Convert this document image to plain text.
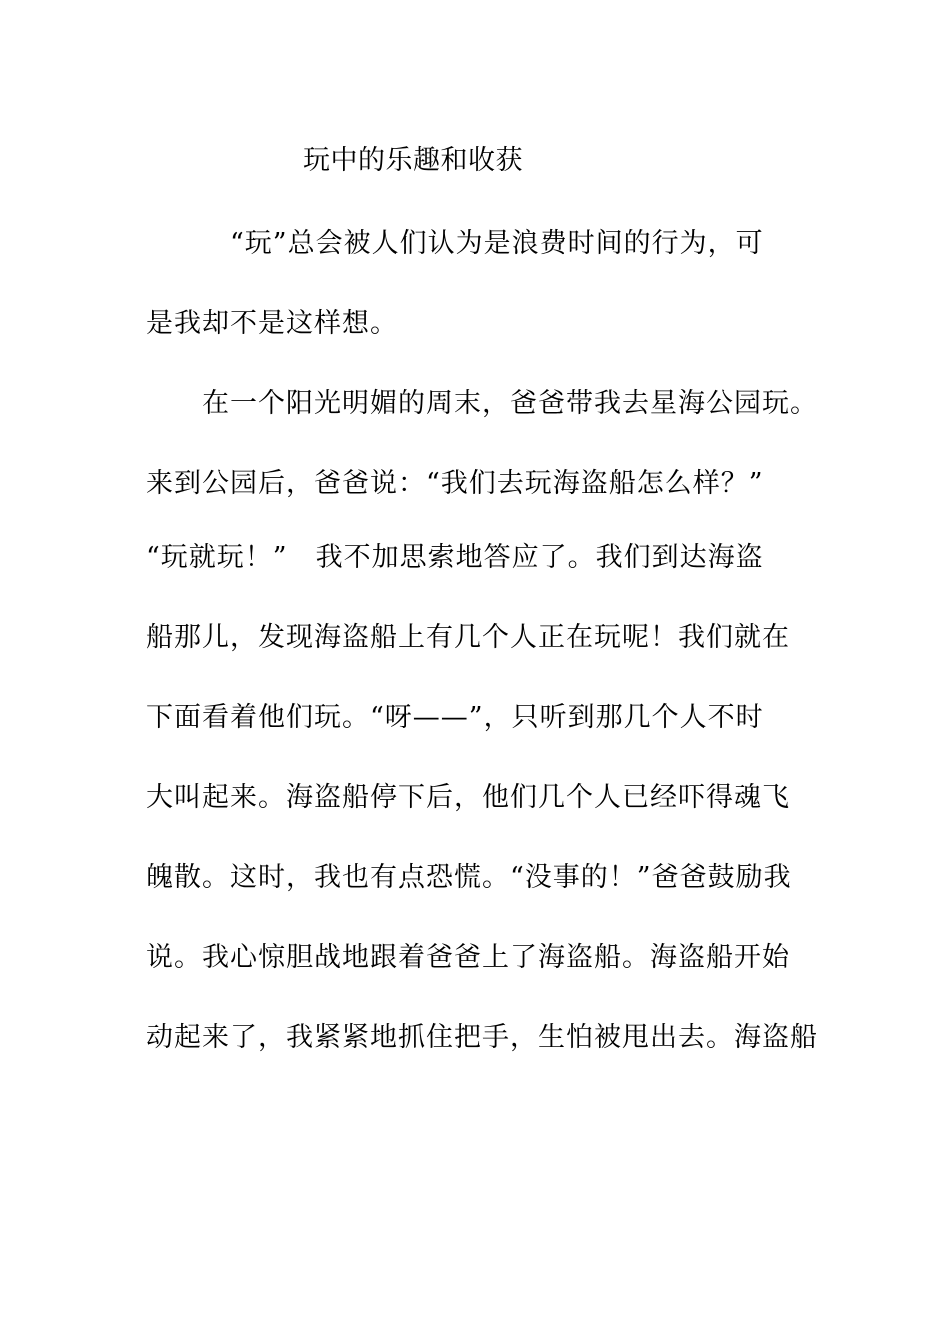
玩中的乐趣和收获
　　　“玩”总会被人们认为是浪费时间的行为，可
是我却不是这样想。
　　在一个阳光明媚的周末，爸爸带我去星海公园玩。
来到公园后，爸爸说：“我们去玩海盗船怎么样？”
“玩就玩！”　我不加思索地答应了。我们到达海盗
船那儿，发现海盗船上有几个人正在玩呢！我们就在
下面看着他们玩。“呀——”，只听到那几个人不时
大叫起来。海盗船停下后，他们几个人已经吓得魂飞
魄散。这时，我也有点恐慌。“没事的！”爸爸鼓励我
说。我心惊胆战地跟着爸爸上了海盗船。海盗船开始
动起来了，我紧紧地抓住把手，生怕被甩出去。海盗船
